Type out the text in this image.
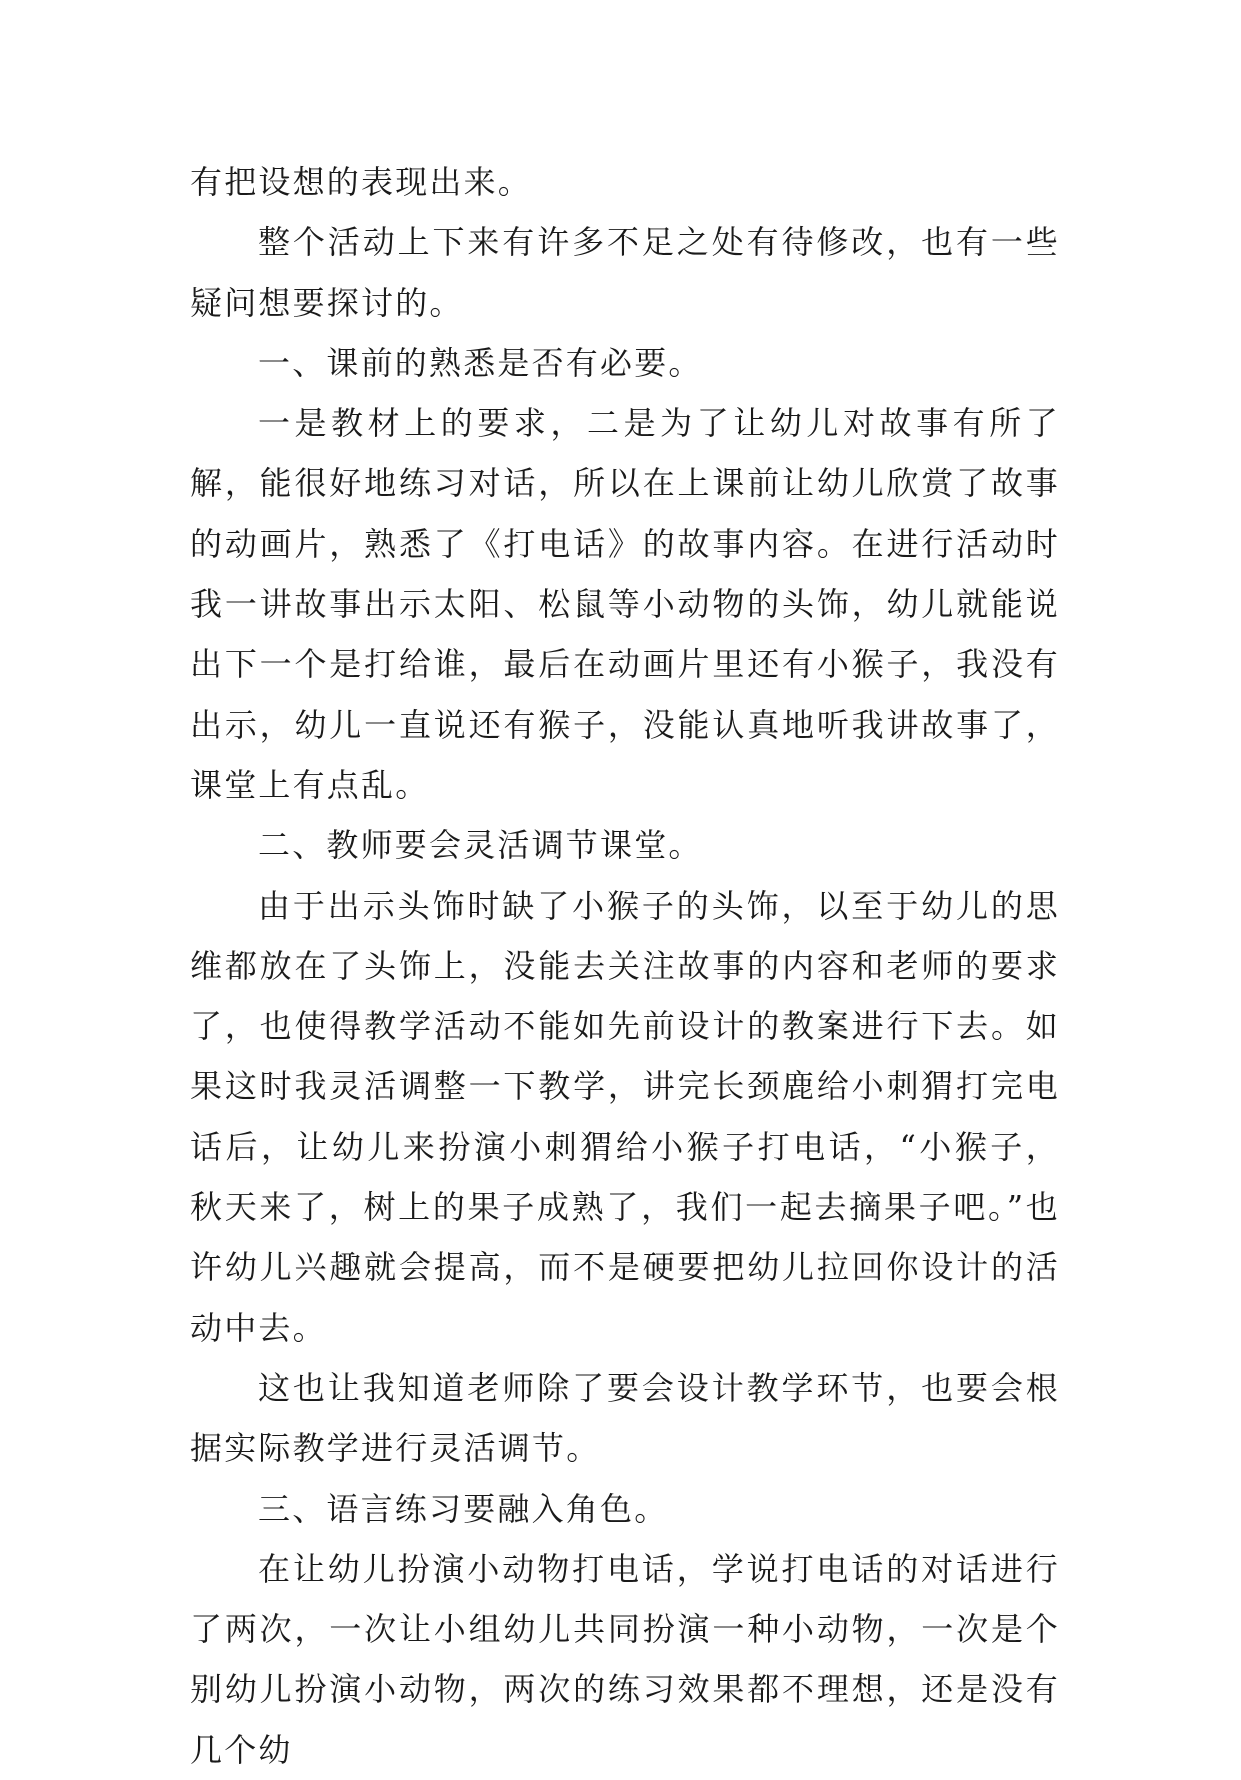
有把设想的表现出来。

整个活动上下来有许多不足之处有待修改，也有一些疑问想要探讨的。

一、课前的熟悉是否有必要。

一是教材上的要求，二是为了让幼儿对故事有所了解，能很好地练习对话，所以在上课前让幼儿欣赏了故事的动画片，熟悉了《打电话》的故事内容。在进行活动时我一讲故事出示太阳、松鼠等小动物的头饰，幼儿就能说出下一个是打给谁，最后在动画片里还有小猴子，我没有出示，幼儿一直说还有猴子，没能认真地听我讲故事了，课堂上有点乱。

二、教师要会灵活调节课堂。

由于出示头饰时缺了小猴子的头饰，以至于幼儿的思维都放在了头饰上，没能去关注故事的内容和老师的要求了，也使得教学活动不能如先前设计的教案进行下去。如果这时我灵活调整一下教学，讲完长颈鹿给小刺猬打完电话后，让幼儿来扮演小刺猬给小猴子打电话，“小猴子，秋天来了，树上的果子成熟了，我们一起去摘果子吧。”也许幼儿兴趣就会提高，而不是硬要把幼儿拉回你设计的活动中去。

这也让我知道老师除了要会设计教学环节，也要会根据实际教学进行灵活调节。

三、语言练习要融入角色。

在让幼儿扮演小动物打电话，学说打电话的对话进行了两次，一次让小组幼儿共同扮演一种小动物，一次是个别幼儿扮演小动物，两次的练习效果都不理想，还是没有几个幼
